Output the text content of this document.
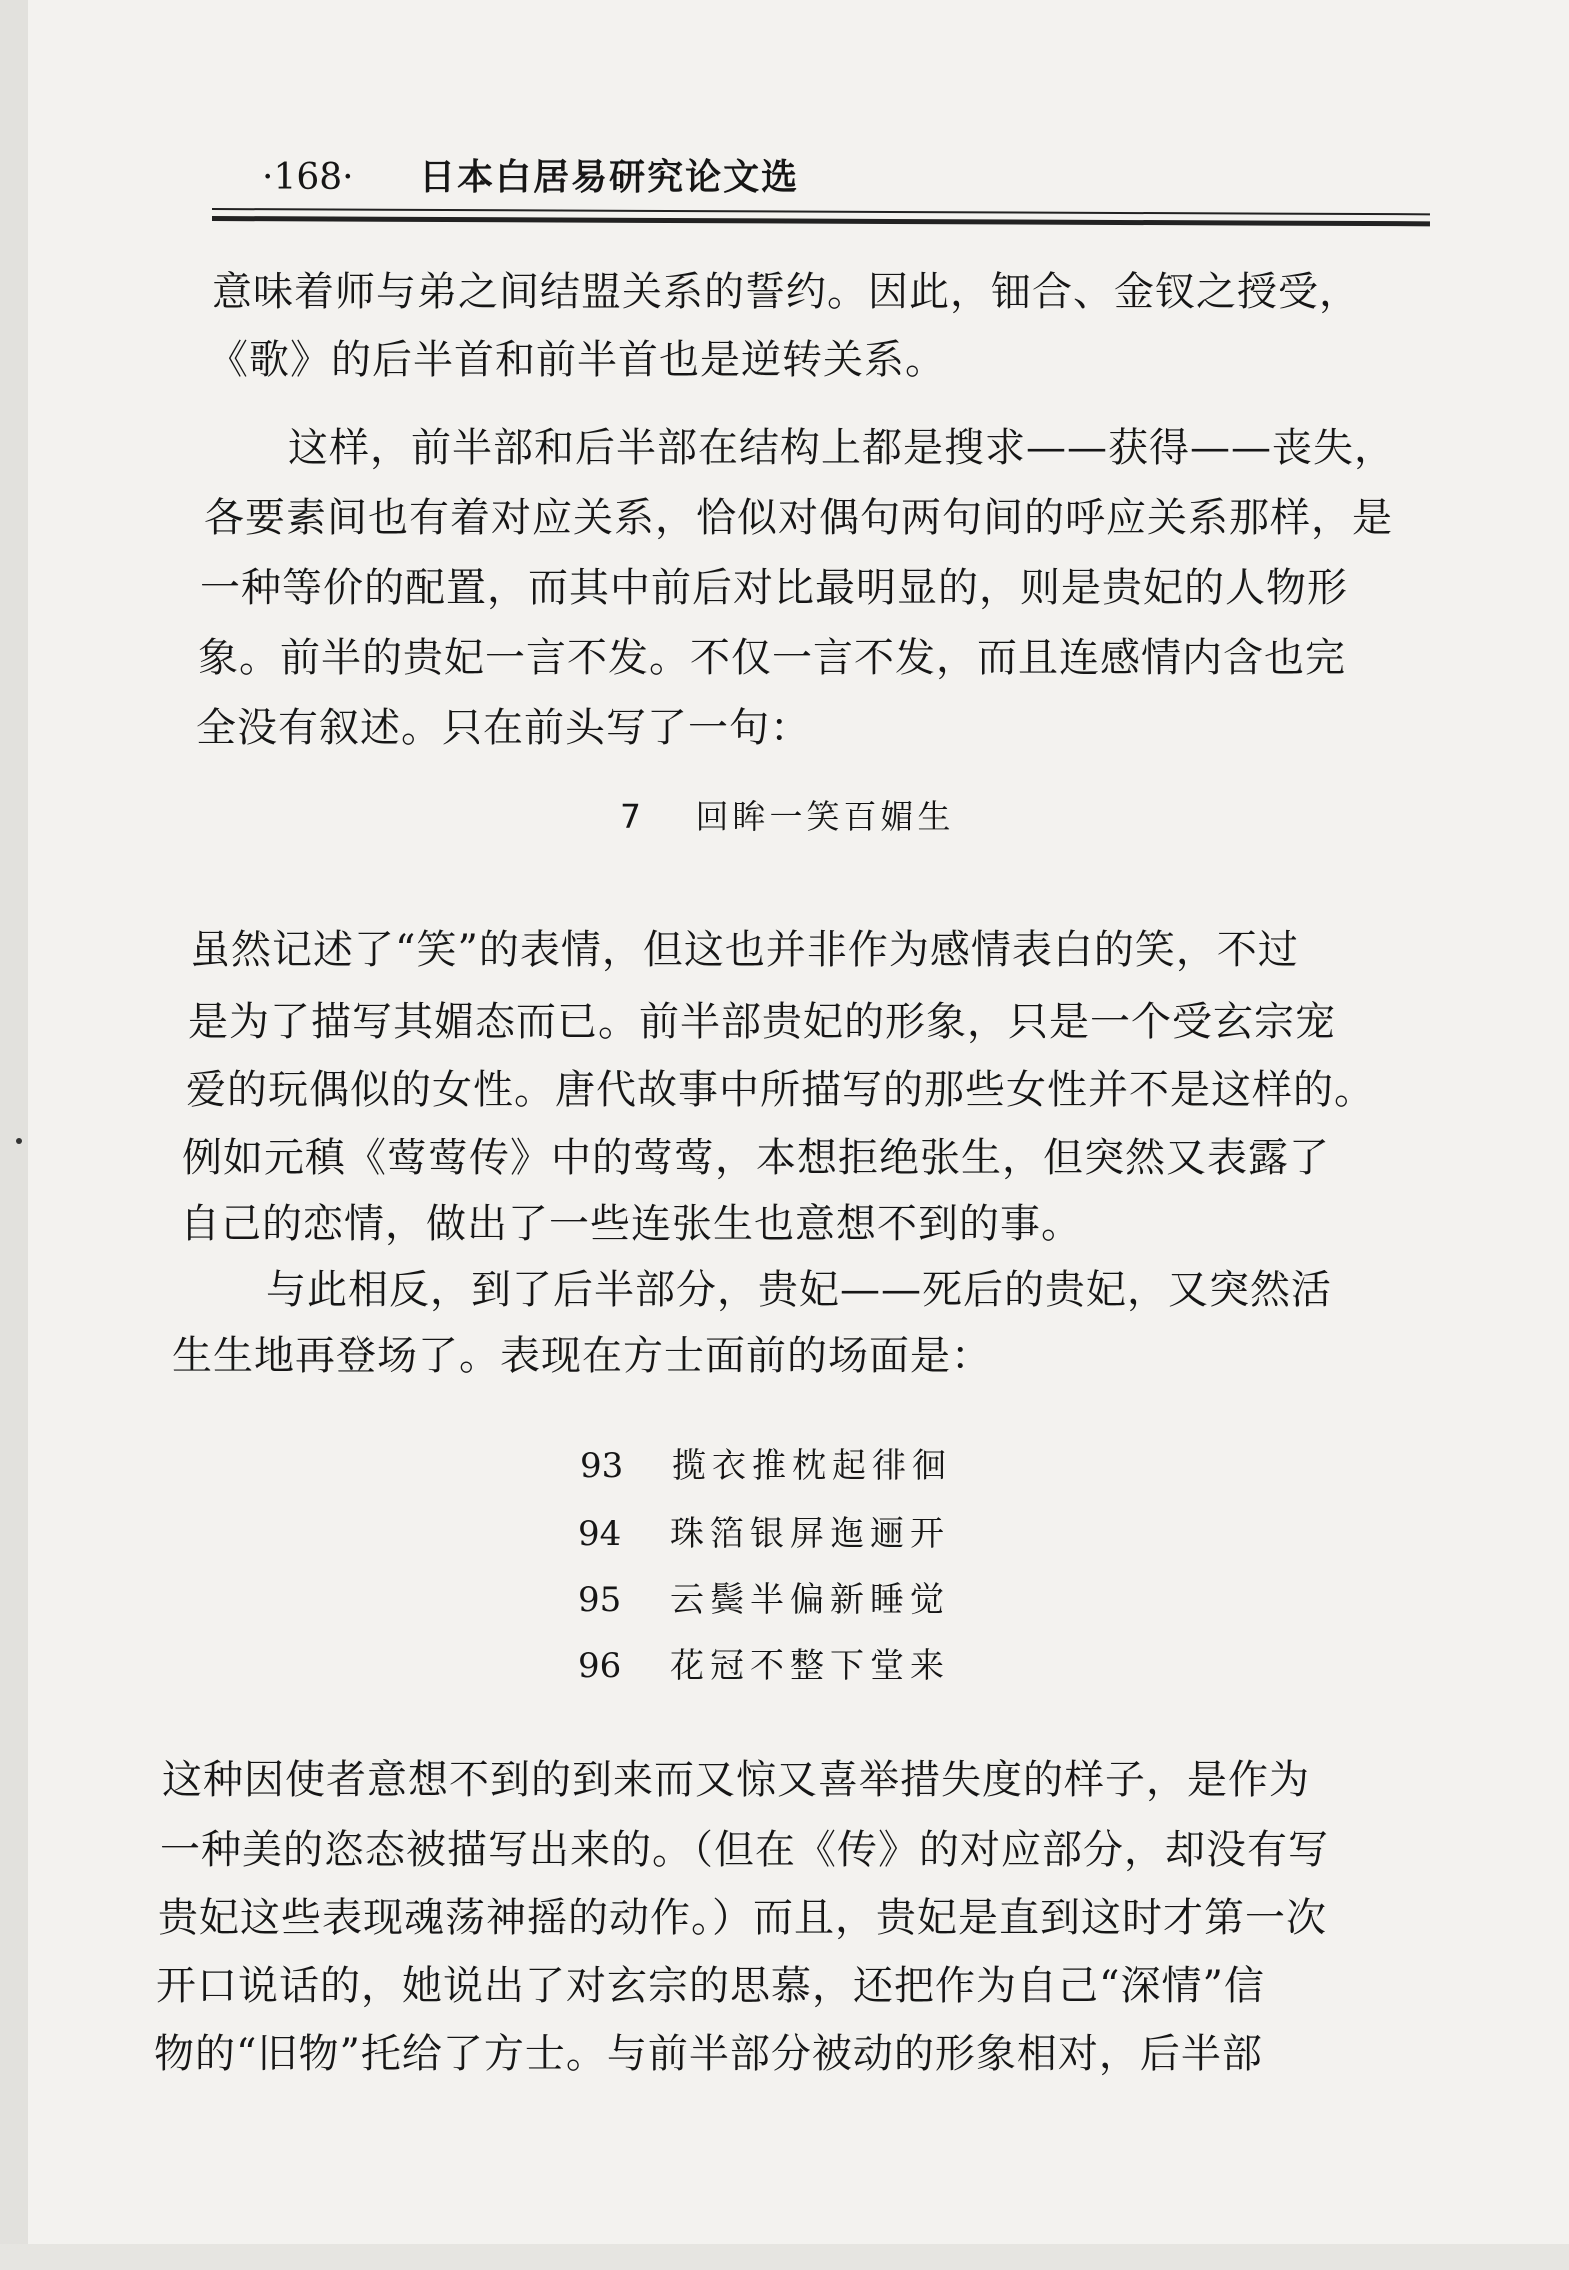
·168· 日本白居易研究论文选
意味着师与弟之间结盟关系的誓约。因此，钿合、金钗之授受，
《歌》的后半首和前半首也是逆转关系。
　　这样，前半部和后半部在结构上都是搜求——获得——丧失，
各要素间也有着对应关系，恰似对偶句两句间的呼应关系那样，是
一种等价的配置，而其中前后对比最明显的，则是贵妃的人物形
象。前半的贵妃一言不发。不仅一言不发，而且连感情内含也完
全没有叙述。只在前头写了一句：
7 回眸一笑百媚生
虽然记述了“笑”的表情，但这也并非作为感情表白的笑，不过
是为了描写其媚态而已。前半部贵妃的形象，只是一个受玄宗宠
爱的玩偶似的女性。唐代故事中所描写的那些女性并不是这样的。
例如元稹《莺莺传》中的莺莺，本想拒绝张生，但突然又表露了
自己的恋情，做出了一些连张生也意想不到的事。
　　与此相反，到了后半部分，贵妃——死后的贵妃，又突然活
生生地再登场了。表现在方士面前的场面是：
93 揽衣推枕起徘徊
94 珠箔银屏迤逦开
95 云鬓半偏新睡觉
96 花冠不整下堂来
这种因使者意想不到的到来而又惊又喜举措失度的样子，是作为
一种美的恣态被描写出来的。（但在《传》的对应部分，却没有写
贵妃这些表现魂荡神摇的动作。）而且，贵妃是直到这时才第一次
开口说话的，她说出了对玄宗的思慕，还把作为自己“深情”信
物的“旧物”托给了方士。与前半部分被动的形象相对，后半部
